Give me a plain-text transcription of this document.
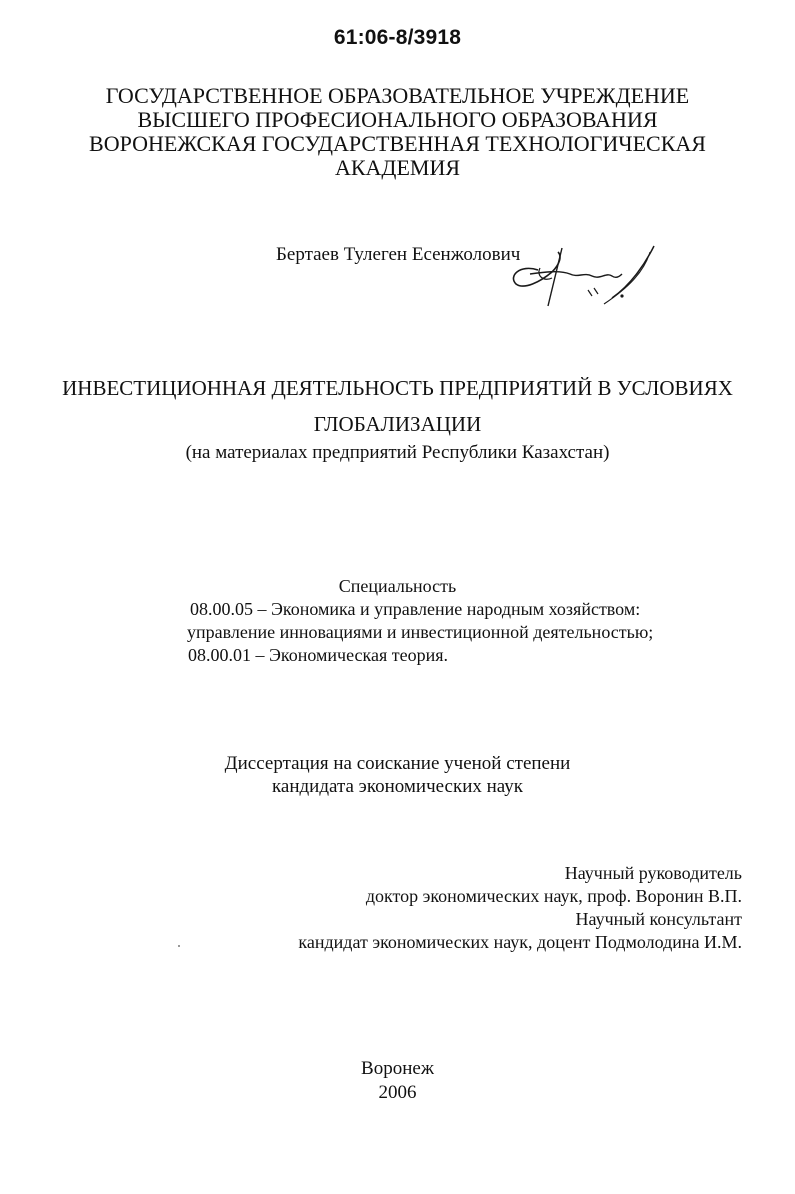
61:06-8/3918
ГОСУДАРСТВЕННОЕ ОБРАЗОВАТЕЛЬНОЕ УЧРЕЖДЕНИЕ
ВЫСШЕГО ПРОФЕСИОНАЛЬНОГО ОБРАЗОВАНИЯ
ВОРОНЕЖСКАЯ ГОСУДАРСТВЕННАЯ ТЕХНОЛОГИЧЕСКАЯ
АКАДЕМИЯ
Бертаев Тулеген Есенжолович
ИНВЕСТИЦИОННАЯ ДЕЯТЕЛЬНОСТЬ ПРЕДПРИЯТИЙ В УСЛОВИЯХ
ГЛОБАЛИЗАЦИИ
(на материалах предприятий Республики Казахстан)
Специальность
08.00.05 – Экономика и управление народным хозяйством:
управление инновациями и инвестиционной деятельностью;
08.00.01 – Экономическая теория.
Диссертация на соискание ученой степени
кандидата экономических наук
Научный руководитель
доктор экономических наук, проф. Воронин В.П.
Научный консультант
кандидат экономических наук, доцент Подмолодина И.М.
Воронеж
2006
